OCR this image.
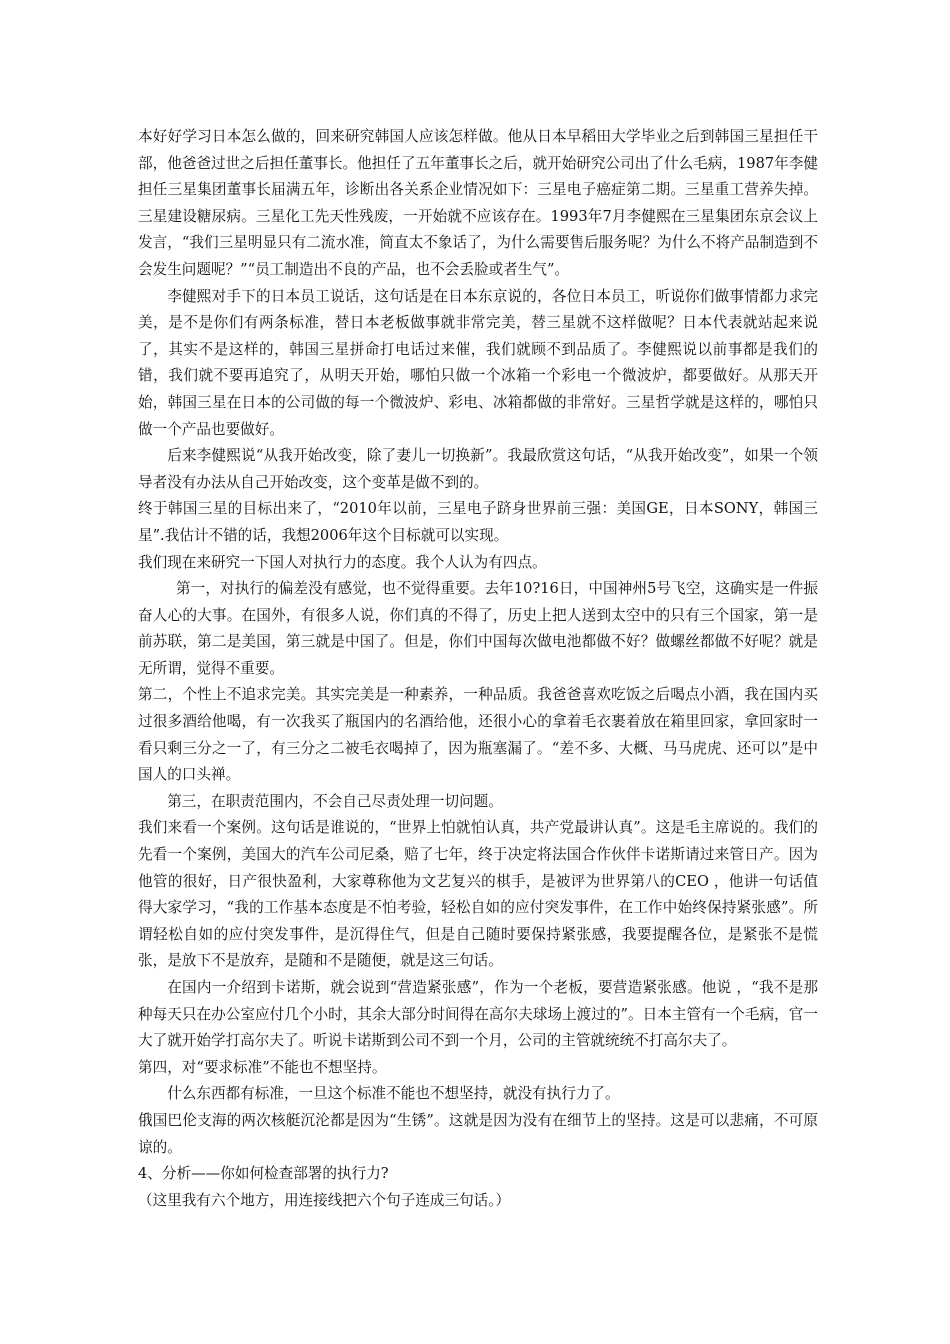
本好好学习日本怎么做的，回来研究韩国人应该怎样做。他从日本早稻田大学毕业之后到韩国三星担任干部，他爸爸过世之后担任董事长。他担任了五年董事长之后，就开始研究公司出了什么毛病，1987年李健担任三星集团董事长届满五年，诊断出各关系企业情况如下：三星电子癌症第二期。三星重工营养失掉。三星建设糖尿病。三星化工先天性残废，一开始就不应该存在。1993年7月李健熙在三星集团东京会议上发言，“我们三星明显只有二流水准，简直太不象话了，为什么需要售后服务呢？为什么不将产品制造到不会发生问题呢？”“员工制造出不良的产品，也不会丢脸或者生气”。

李健熙对手下的日本员工说话，这句话是在日本东京说的，各位日本员工，听说你们做事情都力求完美，是不是你们有两条标准，替日本老板做事就非常完美，替三星就不这样做呢？日本代表就站起来说了，其实不是这样的，韩国三星拼命打电话过来催，我们就顾不到品质了。李健熙说以前事都是我们的错，我们就不要再追究了，从明天开始，哪怕只做一个冰箱一个彩电一个微波炉，都要做好。从那天开始，韩国三星在日本的公司做的每一个微波炉、彩电、冰箱都做的非常好。三星哲学就是这样的，哪怕只做一个产品也要做好。

后来李健熙说“从我开始改变，除了妻儿一切换新”。我最欣赏这句话，“从我开始改变”，如果一个领导者没有办法从自己开始改变，这个变革是做不到的。

终于韩国三星的目标出来了，“2010年以前，三星电子跻身世界前三强：美国GE，日本SONY，韩国三星”.我估计不错的话，我想2006年这个目标就可以实现。

我们现在来研究一下国人对执行力的态度。我个人认为有四点。

第一，对执行的偏差没有感觉，也不觉得重要。去年10?16日，中国神州5号飞空，这确实是一件振奋人心的大事。在国外，有很多人说，你们真的不得了，历史上把人送到太空中的只有三个国家，第一是前苏联，第二是美国，第三就是中国了。但是，你们中国每次做电池都做不好？做螺丝都做不好呢？就是无所谓，觉得不重要。

第二，个性上不追求完美。其实完美是一种素养，一种品质。我爸爸喜欢吃饭之后喝点小酒，我在国内买过很多酒给他喝，有一次我买了瓶国内的名酒给他，还很小心的拿着毛衣裹着放在箱里回家，拿回家时一看只剩三分之一了，有三分之二被毛衣喝掉了，因为瓶塞漏了。“差不多、大概、马马虎虎、还可以”是中国人的口头禅。

第三，在职责范围内，不会自己尽责处理一切问题。

我们来看一个案例。这句话是谁说的，“世界上怕就怕认真，共产党最讲认真”。这是毛主席说的。我们的先看一个案例，美国大的汽车公司尼桑，赔了七年，终于决定将法国合作伙伴卡诺斯请过来管日产。因为他管的很好，日产很快盈利，大家尊称他为文艺复兴的棋手，是被评为世界第八的CEO ，他讲一句话值得大家学习，“我的工作基本态度是不怕考验，轻松自如的应付突发事件，在工作中始终保持紧张感”。所谓轻松自如的应付突发事件，是沉得住气，但是自己随时要保持紧张感，我要提醒各位，是紧张不是慌张，是放下不是放弃，是随和不是随便，就是这三句话。

在国内一介绍到卡诺斯，就会说到“营造紧张感”，作为一个老板，要营造紧张感。他说 ，“我不是那种每天只在办公室应付几个小时，其余大部分时间得在高尔夫球场上渡过的”。日本主管有一个毛病，官一大了就开始学打高尔夫了。听说卡诺斯到公司不到一个月，公司的主管就统统不打高尔夫了。

第四，对“要求标准”不能也不想坚持。

什么东西都有标准，一旦这个标准不能也不想坚持，就没有执行力了。

俄国巴伦支海的两次核艇沉沦都是因为“生锈”。这就是因为没有在细节上的坚持。这是可以悲痛，不可原谅的。

4、分析——你如何检查部署的执行力?

（这里我有六个地方，用连接线把六个句子连成三句话。）
